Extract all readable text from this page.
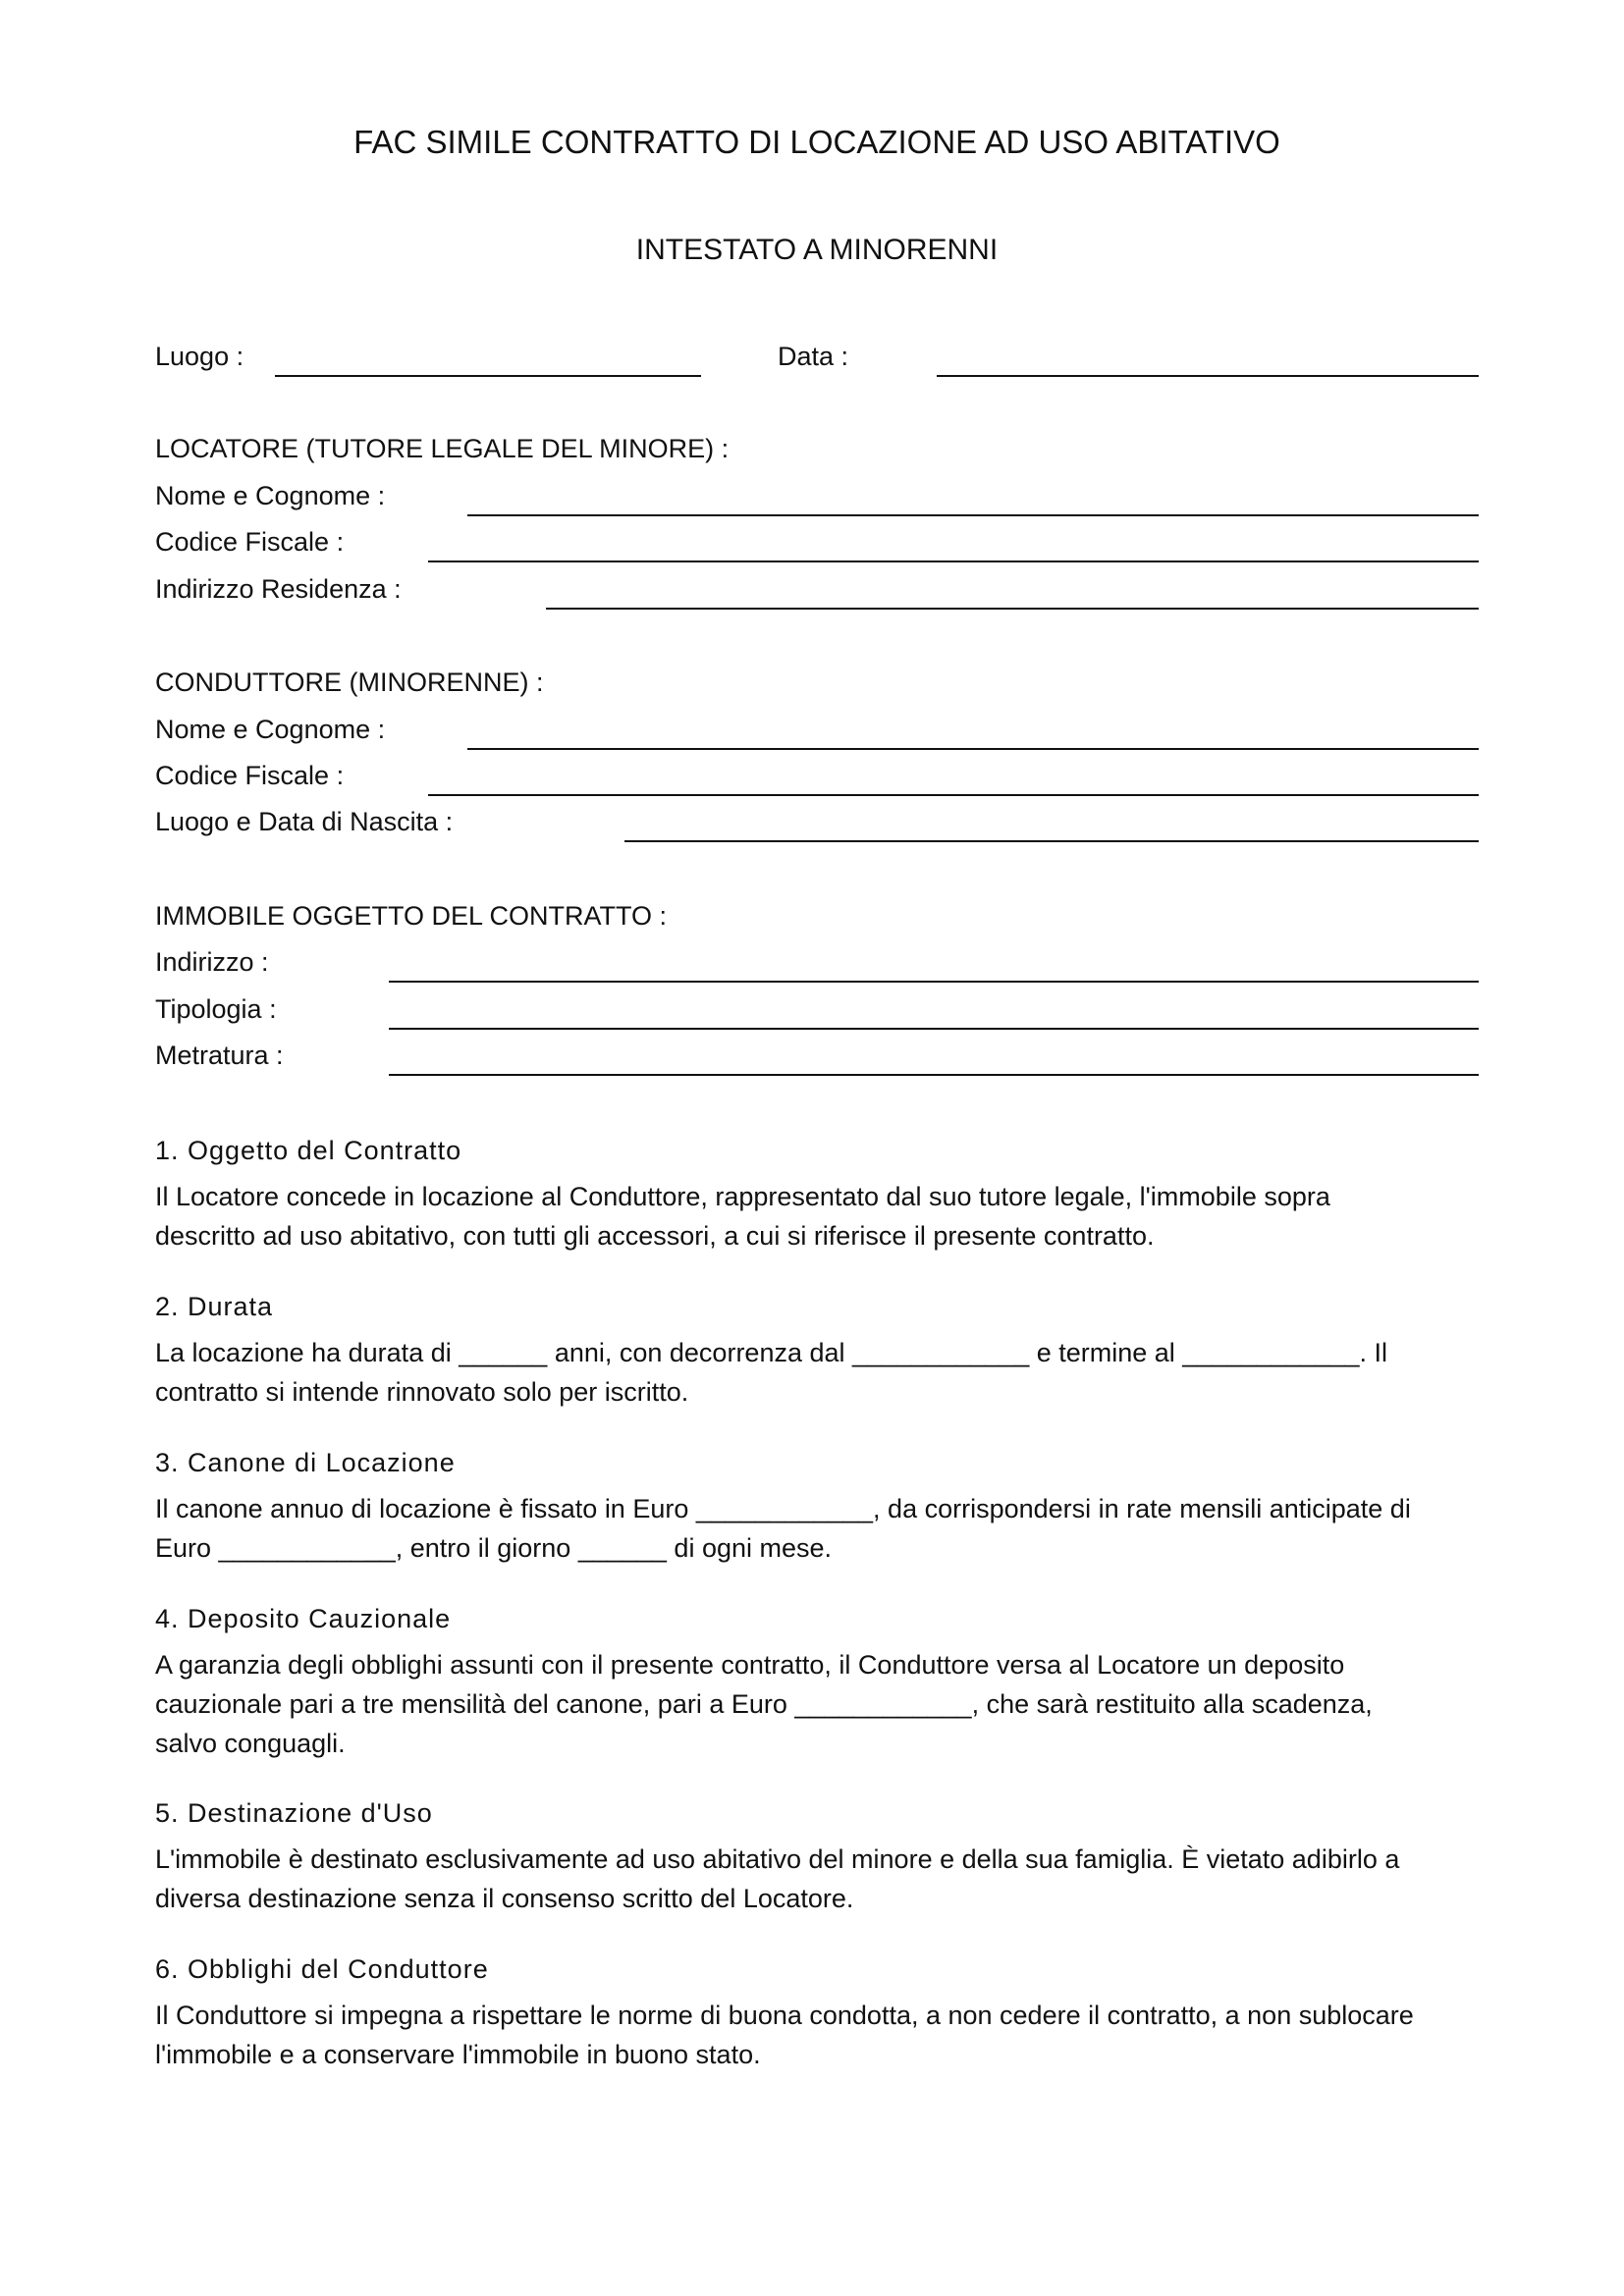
FAC SIMILE CONTRATTO DI LOCAZIONE AD USO ABITATIVO
INTESTATO A MINORENNI
Luogo :	Data :
LOCATORE (TUTORE LEGALE DEL MINORE) :
Nome e Cognome :
Codice Fiscale :
Indirizzo Residenza :
CONDUTTORE (MINORENNE) :
Nome e Cognome :
Codice Fiscale :
Luogo e Data di Nascita :
IMMOBILE OGGETTO DEL CONTRATTO :
Indirizzo :
Tipologia :
Metratura :
1. Oggetto del Contratto
Il Locatore concede in locazione al Conduttore, rappresentato dal suo tutore legale, l'immobile sopra
descritto ad uso abitativo, con tutti gli accessori, a cui si riferisce il presente contratto.
2. Durata
La locazione ha durata di ______ anni, con decorrenza dal ____________ e termine al ____________. Il
contratto si intende rinnovato solo per iscritto.
3. Canone di Locazione
Il canone annuo di locazione è fissato in Euro ____________, da corrispondersi in rate mensili anticipate di
Euro ____________, entro il giorno ______ di ogni mese.
4. Deposito Cauzionale
A garanzia degli obblighi assunti con il presente contratto, il Conduttore versa al Locatore un deposito
cauzionale pari a tre mensilità del canone, pari a Euro ____________, che sarà restituito alla scadenza,
salvo conguagli.
5. Destinazione d'Uso
L'immobile è destinato esclusivamente ad uso abitativo del minore e della sua famiglia. È vietato adibirlo a
diversa destinazione senza il consenso scritto del Locatore.
6. Obblighi del Conduttore
Il Conduttore si impegna a rispettare le norme di buona condotta, a non cedere il contratto, a non sublocare
l'immobile e a conservare l'immobile in buono stato.
